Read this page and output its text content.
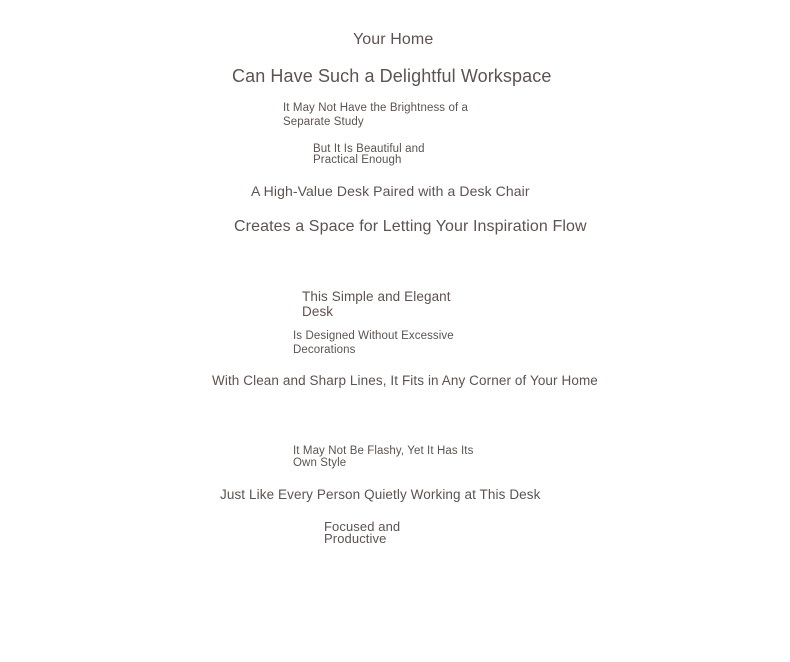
Your Home
Can Have Such a Delightful Workspace
It May Not Have the Brightness of a Separate Study
But It Is Beautiful and Practical Enough
A High-Value Desk Paired with a Desk Chair
Creates a Space for Letting Your Inspiration Flow
This Simple and Elegant Desk
Is Designed Without Excessive Decorations
With Clean and Sharp Lines, It Fits in Any Corner of Your Home
It May Not Be Flashy, Yet It Has Its Own Style
Just Like Every Person Quietly Working at This Desk
Focused and Productive
